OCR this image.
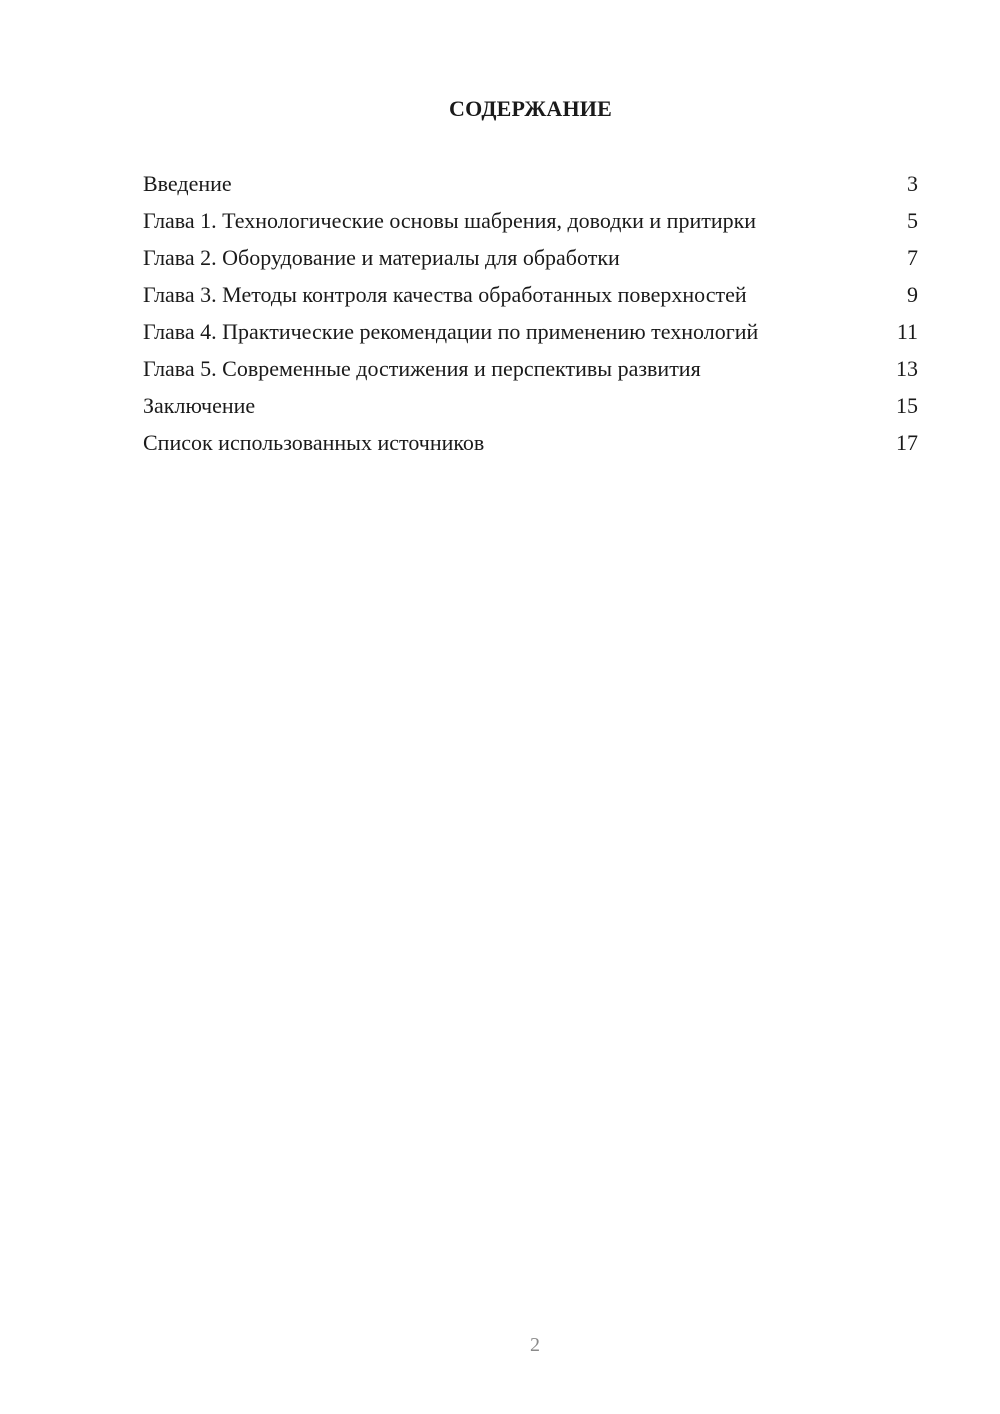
СОДЕРЖАНИЕ
Введение	3
Глава 1. Технологические основы шабрения, доводки и притирки	5
Глава 2. Оборудование и материалы для обработки	7
Глава 3. Методы контроля качества обработанных поверхностей	9
Глава 4. Практические рекомендации по применению технологий	11
Глава 5. Современные достижения и перспективы развития	13
Заключение	15
Список использованных источников	17
2
